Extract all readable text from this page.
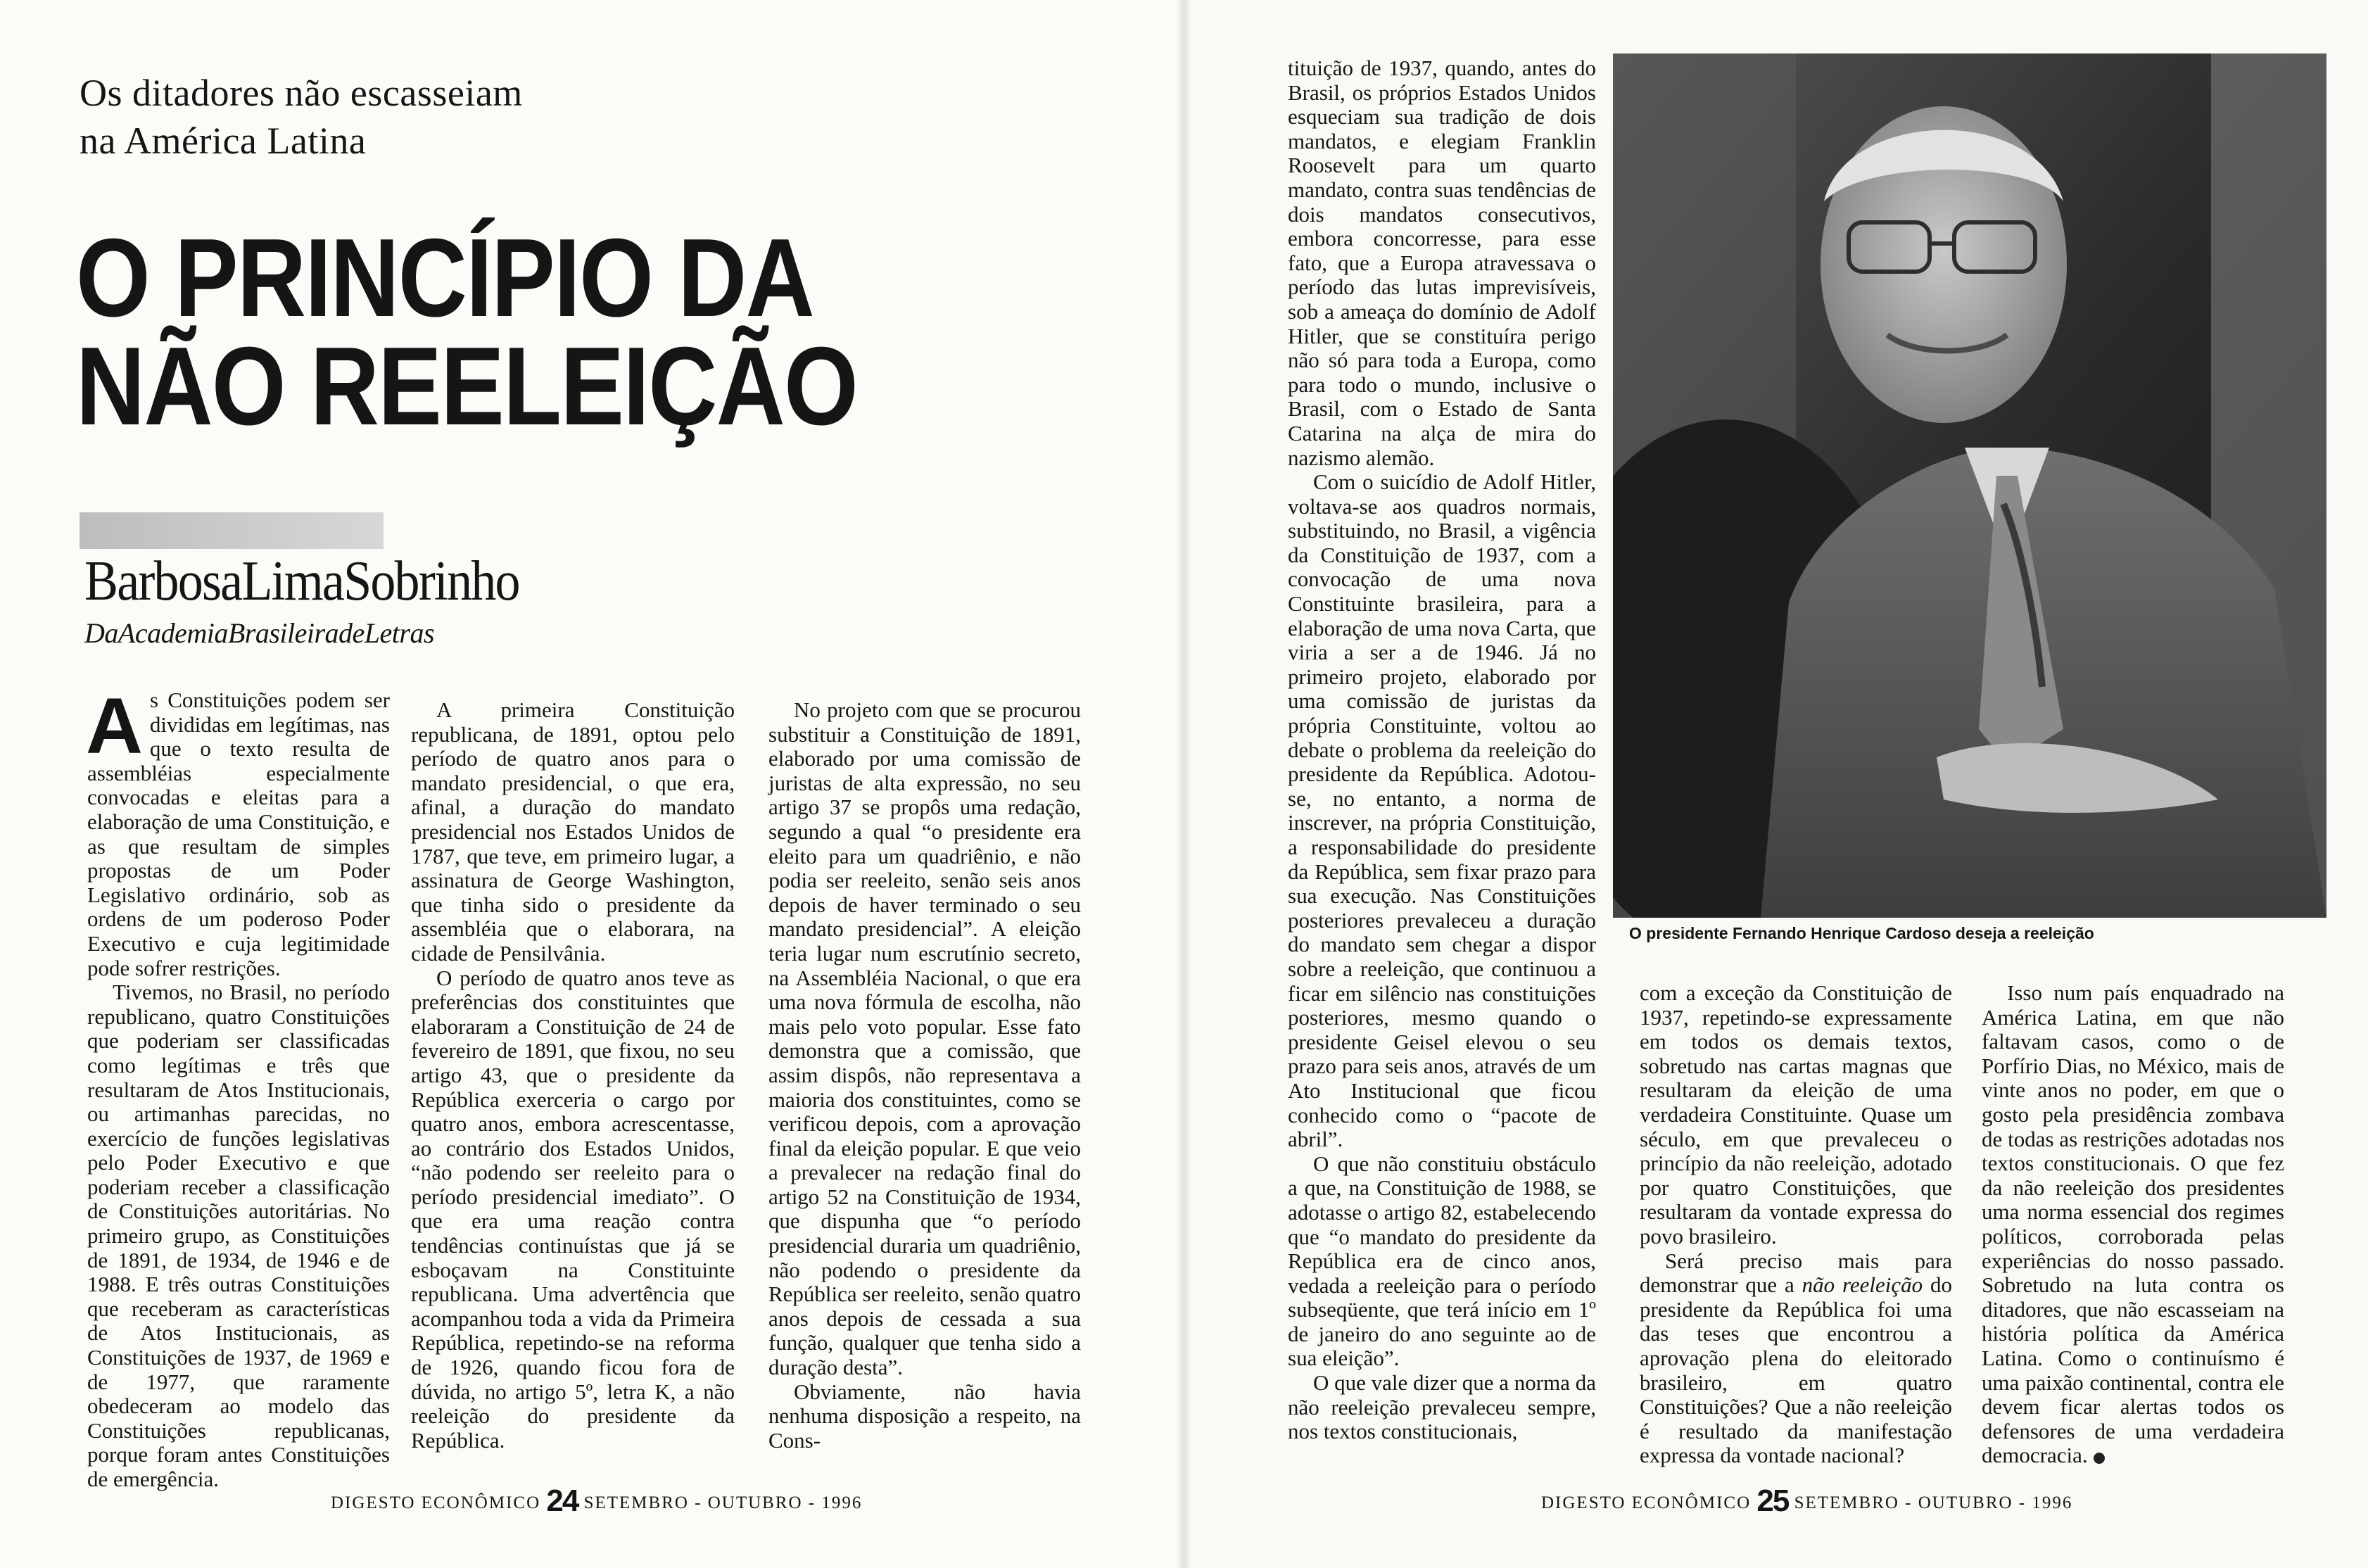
Os ditadores não escasseiam
na América Latina
O PRINCÍPIO DA
NÃO REELEIÇÃO
BarbosaLimaSobrinho
DaAcademiaBrasileiradeLetras

As Constituições podem ser divididas em legítimas, nas que o texto resulta de assembléias especialmente convocadas e eleitas para a elaboração de uma Constituição, e as que resultam de simples propostas de um Poder Legislativo ordinário, sob as ordens de um poderoso Poder Executivo e cuja legitimidade pode sofrer restrições.

Tivemos, no Brasil, no período republicano, quatro Constituições que poderiam ser classificadas como legítimas e três que resultaram de Atos Institucionais, ou artimanhas parecidas, no exercício de funções legislativas pelo Poder Executivo e que poderiam receber a classificação de Constituições autoritárias. No primeiro grupo, as Constituições de 1891, de 1934, de 1946 e de 1988. E três outras Constituições que receberam as características de Atos Institucionais, as Constituições de 1937, de 1969 e de 1977, que raramente obedeceram ao modelo das Constituições republicanas, porque foram antes Constituições de emergência.

A primeira Constituição republicana, de 1891, optou pelo período de quatro anos para o mandato presidencial, o que era, afinal, a duração do mandato presidencial nos Estados Unidos de 1787, que teve, em primeiro lugar, a assinatura de George Washington, que tinha sido o presidente da assembléia que o elaborara, na cidade de Pensilvânia.

O período de quatro anos teve as preferências dos constituintes que elaboraram a Constituição de 24 de fevereiro de 1891, que fixou, no seu artigo 43, que o presidente da República exerceria o cargo por quatro anos, embora acrescentasse, ao contrário dos Estados Unidos, “não podendo ser reeleito para o período presidencial imediato”. O que era uma reação contra tendências continuístas que já se esboçavam na Constituinte republicana. Uma advertência que acompanhou toda a vida da Primeira República, repetindo-se na reforma de 1926, quando ficou fora de dúvida, no artigo 5º, letra K, a não reeleição do presidente da República.

No projeto com que se procurou substituir a Constituição de 1891, elaborado por uma comissão de juristas de alta expressão, no seu artigo 37 se propôs uma redação, segundo a qual “o presidente era eleito para um quadriênio, e não podia ser reeleito, senão seis anos depois de haver terminado o seu mandato presidencial”. A eleição teria lugar num escrutínio secreto, na Assembléia Nacional, o que era uma nova fórmula de escolha, não mais pelo voto popular. Esse fato demonstra que a comissão, que assim dispôs, não representava a maioria dos constituintes, como se verificou depois, com a aprovação final da eleição popular. E que veio a prevalecer na redação final do artigo 52 na Constituição de 1934, que dispunha que “o período presidencial duraria um quadriênio, não podendo o presidente da República ser reeleito, senão quatro anos depois de cessada a sua função, qualquer que tenha sido a duração desta”.

Obviamente, não havia nenhuma disposição a respeito, na Cons-

DIGESTO ECONÔMICO 24 SETEMBRO - OUTUBRO - 1996

tituição de 1937, quando, antes do Brasil, os próprios Estados Unidos esqueciam sua tradição de dois mandatos, e elegiam Franklin Roosevelt para um quarto mandato, contra suas tendências de dois mandatos consecutivos, embora concorresse, para esse fato, que a Europa atravessava o período das lutas imprevisíveis, sob a ameaça do domínio de Adolf Hitler, que se constituíra perigo não só para toda a Europa, como para todo o mundo, inclusive o Brasil, com o Estado de Santa Catarina na alça de mira do nazismo alemão.

Com o suicídio de Adolf Hitler, voltava-se aos quadros normais, substituindo, no Brasil, a vigência da Constituição de 1937, com a convocação de uma nova Constituinte brasileira, para a elaboração de uma nova Carta, que viria a ser a de 1946. Já no primeiro projeto, elaborado por uma comissão de juristas da própria Constituinte, voltou ao debate o problema da reeleição do presidente da República. Adotou-se, no entanto, a norma de inscrever, na própria Constituição, a responsabilidade do presidente da República, sem fixar prazo para sua execução. Nas Constituições posteriores prevaleceu a duração do mandato sem chegar a dispor sobre a reeleição, que continuou a ficar em silêncio nas constituições posteriores, mesmo quando o presidente Geisel elevou o seu prazo para seis anos, através de um Ato Institucional que ficou conhecido como o “pacote de abril”.

O que não constituiu obstáculo a que, na Constituição de 1988, se adotasse o artigo 82, estabelecendo que “o mandato do presidente da República era de cinco anos, vedada a reeleição para o período subseqüente, que terá início em 1º de janeiro do ano seguinte ao de sua eleição”.

O que vale dizer que a norma da não reeleição prevaleceu sempre, nos textos constitucionais,

com a exceção da Constituição de 1937, repetindo-se expressamente em todos os demais textos, sobretudo nas cartas magnas que resultaram da eleição de uma verdadeira Constituinte. Quase um século, em que prevaleceu o princípio da não reeleição, adotado por quatro Constituições, que resultaram da vontade expressa do povo brasileiro.

Será preciso mais para demonstrar que a não reeleição do presidente da República foi uma das teses que encontrou a aprovação plena do eleitorado brasileiro, em quatro Constituições? Que a não reeleição é resultado da manifestação expressa da vontade nacional?

Isso num país enquadrado na América Latina, em que não faltavam casos, como o de Porfírio Dias, no México, mais de vinte anos no poder, em que o gosto pela presidência zombava de todas as restrições adotadas nos textos constitucionais. O que fez da não reeleição dos presidentes uma norma essencial dos regimes políticos, corroborada pelas experiências do nosso passado. Sobretudo na luta contra os ditadores, que não escasseiam na história política da América Latina. Como o continuísmo é uma paixão continental, contra ele devem ficar alertas todos os defensores de uma verdadeira democracia.

DIGESTO ECONÔMICO 25 SETEMBRO - OUTUBRO - 1996
O presidente Fernando Henrique Cardoso deseja a reeleição
